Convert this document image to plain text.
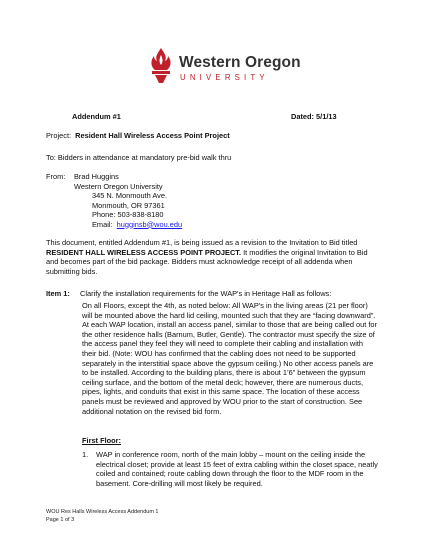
Western Oregon
UNIVERSITY
Addendum #1	Dated: 5/1/13
Project: Resident Hall Wireless Access Point Project
To: Bidders in attendance at mandatory pre-bid walk thru
From: Brad Huggins
Western Oregon University
345 N. Monmouth Ave.
Monmouth, OR 97361
Phone: 503-838-8180
Email: hugginsb@wou.edu
This document, entitled Addendum #1, is being issued as a revision to the Invitation to Bid titled RESIDENT HALL WIRELESS ACCESS POINT PROJECT. It modifies the original Invitation to Bid and becomes part of the bid package. Bidders must acknowledge receipt of all addenda when submitting bids.
Item 1: Clarify the installation requirements for the WAP's in Heritage Hall as follows:
On all Floors, except the 4th, as noted below: All WAP's in the living areas (21 per floor) will be mounted above the hard lid ceiling, mounted such that they are “facing downward”. At each WAP location, install an access panel, similar to those that are being called out for the other residence halls (Barnum, Butler, Gentle). The contractor must specify the size of the access panel they feel they will need to complete their cabling and installation with their bid. (Note: WOU has confirmed that the cabling does not need to be supported separately in the interstitial space above the gypsum ceiling.) No other access panels are to be installed. According to the building plans, there is about 1’6” between the gypsum ceiling surface, and the bottom of the metal deck; however, there are numerous ducts, pipes, lights, and conduits that exist in this same space. The location of these access panels must be reviewed and approved by WOU prior to the start of construction. See additional notation on the revised bid form.
First Floor:
1. WAP in conference room, north of the main lobby – mount on the ceiling inside the electrical closet; provide at least 15 feet of extra cabling within the closet space, neatly coiled and contained; route cabling down through the floor to the MDF room in the basement. Core-drilling will most likely be required.
WOU Res Halls Wireless Access Addendum 1
Page 1 of 3
